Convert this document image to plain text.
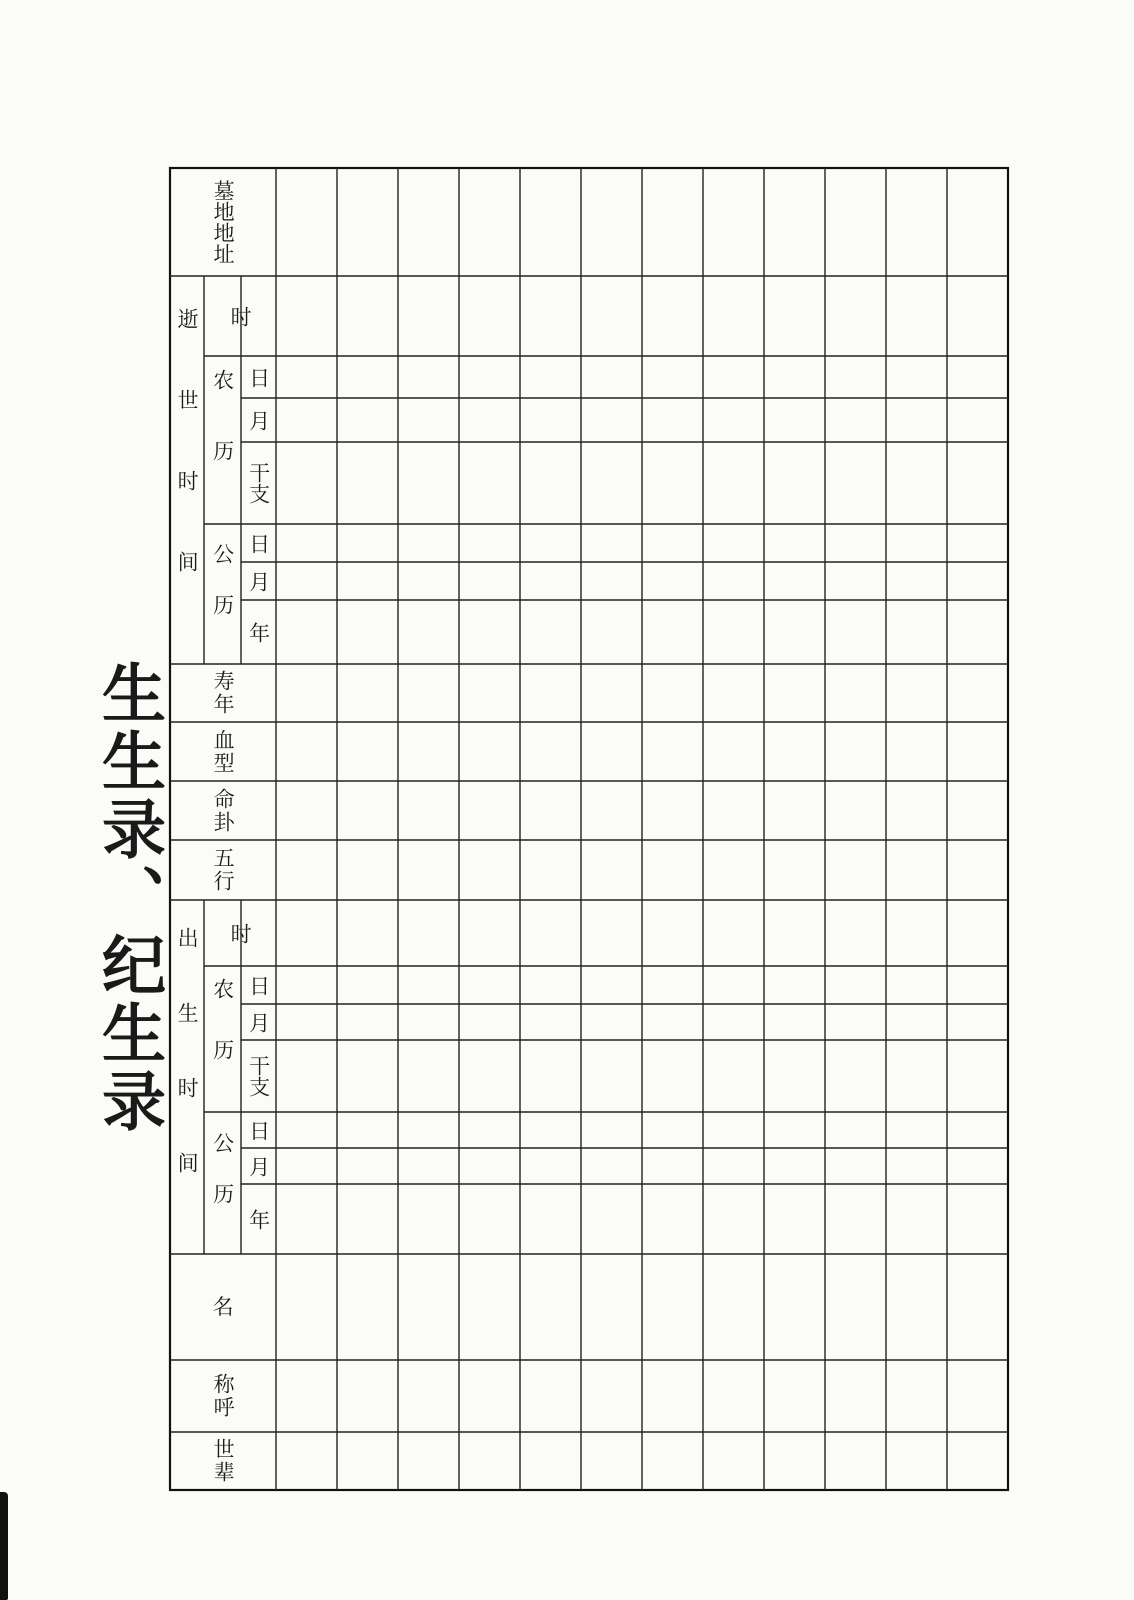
生生录、纪生录
世辈
称呼
名
五行
命卦
血型
寿年
墓地地址
出生时间
逝世时间
公历
农历
公历
农历
年
月
日
干支
月
日
时
年
月
日
干支
月
日
时
